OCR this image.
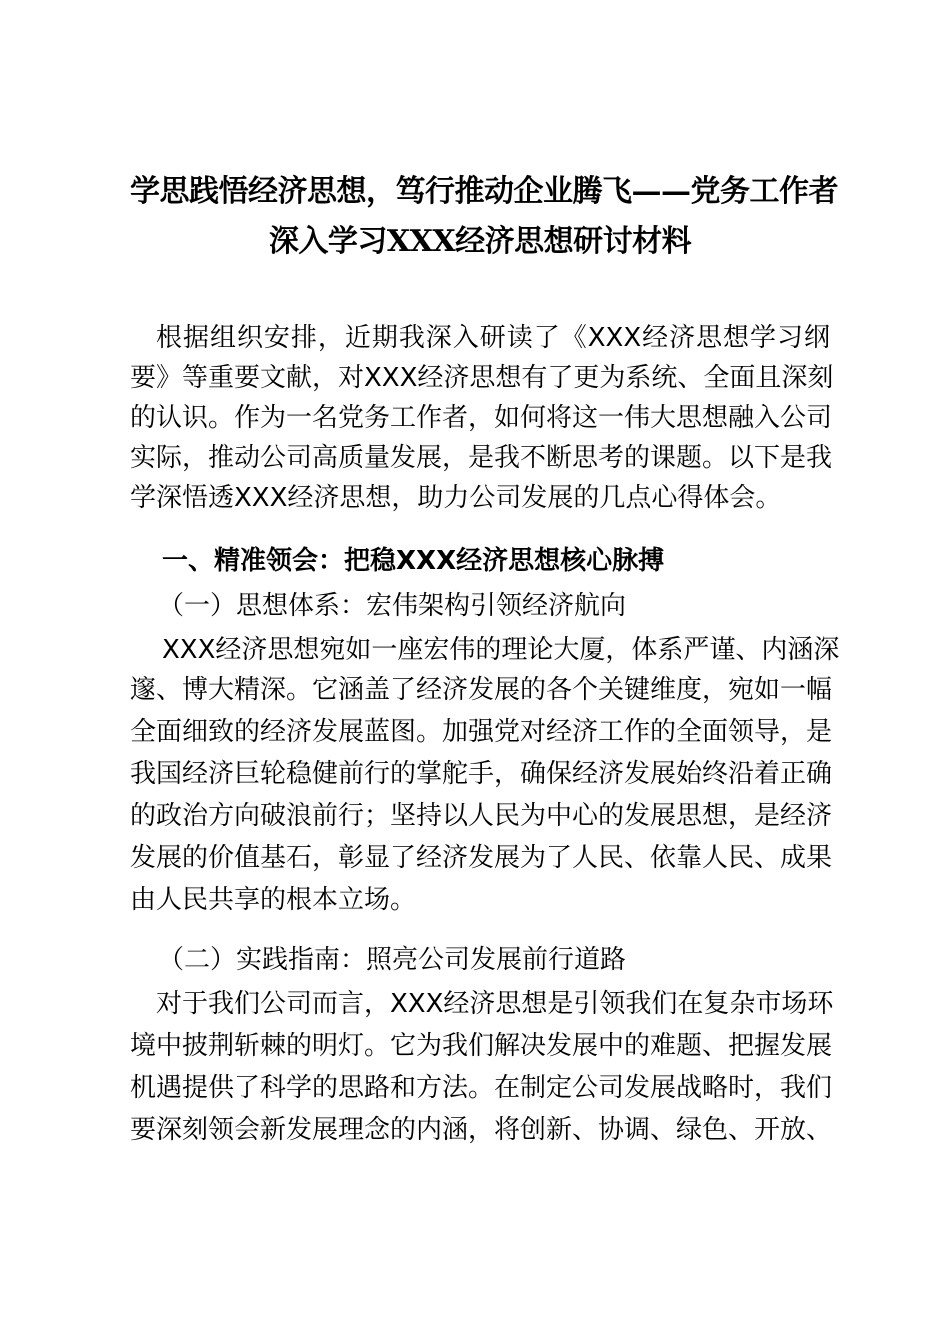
学思践悟经济思想，笃行推动企业腾飞——党务工作者
深入学习XXX经济思想研讨材料
根据组织安排，近期我深入研读了《XXX经济思想学习纲
要》等重要文献，对XXX经济思想有了更为系统、全面且深刻
的认识。作为一名党务工作者，如何将这一伟大思想融入公司
实际，推动公司高质量发展，是我不断思考的课题。以下是我
学深悟透XXX经济思想，助力公司发展的几点心得体会。
一、精准领会：把稳XXX经济思想核心脉搏
（一）思想体系：宏伟架构引领经济航向
XXX经济思想宛如一座宏伟的理论大厦，体系严谨、内涵深
邃、博大精深。它涵盖了经济发展的各个关键维度，宛如一幅
全面细致的经济发展蓝图。加强党对经济工作的全面领导，是
我国经济巨轮稳健前行的掌舵手，确保经济发展始终沿着正确
的政治方向破浪前行；坚持以人民为中心的发展思想，是经济
发展的价值基石，彰显了经济发展为了人民、依靠人民、成果
由人民共享的根本立场。
（二）实践指南：照亮公司发展前行道路
对于我们公司而言，XXX经济思想是引领我们在复杂市场环
境中披荆斩棘的明灯。它为我们解决发展中的难题、把握发展
机遇提供了科学的思路和方法。在制定公司发展战略时，我们
要深刻领会新发展理念的内涵，将创新、协调、绿色、开放、
